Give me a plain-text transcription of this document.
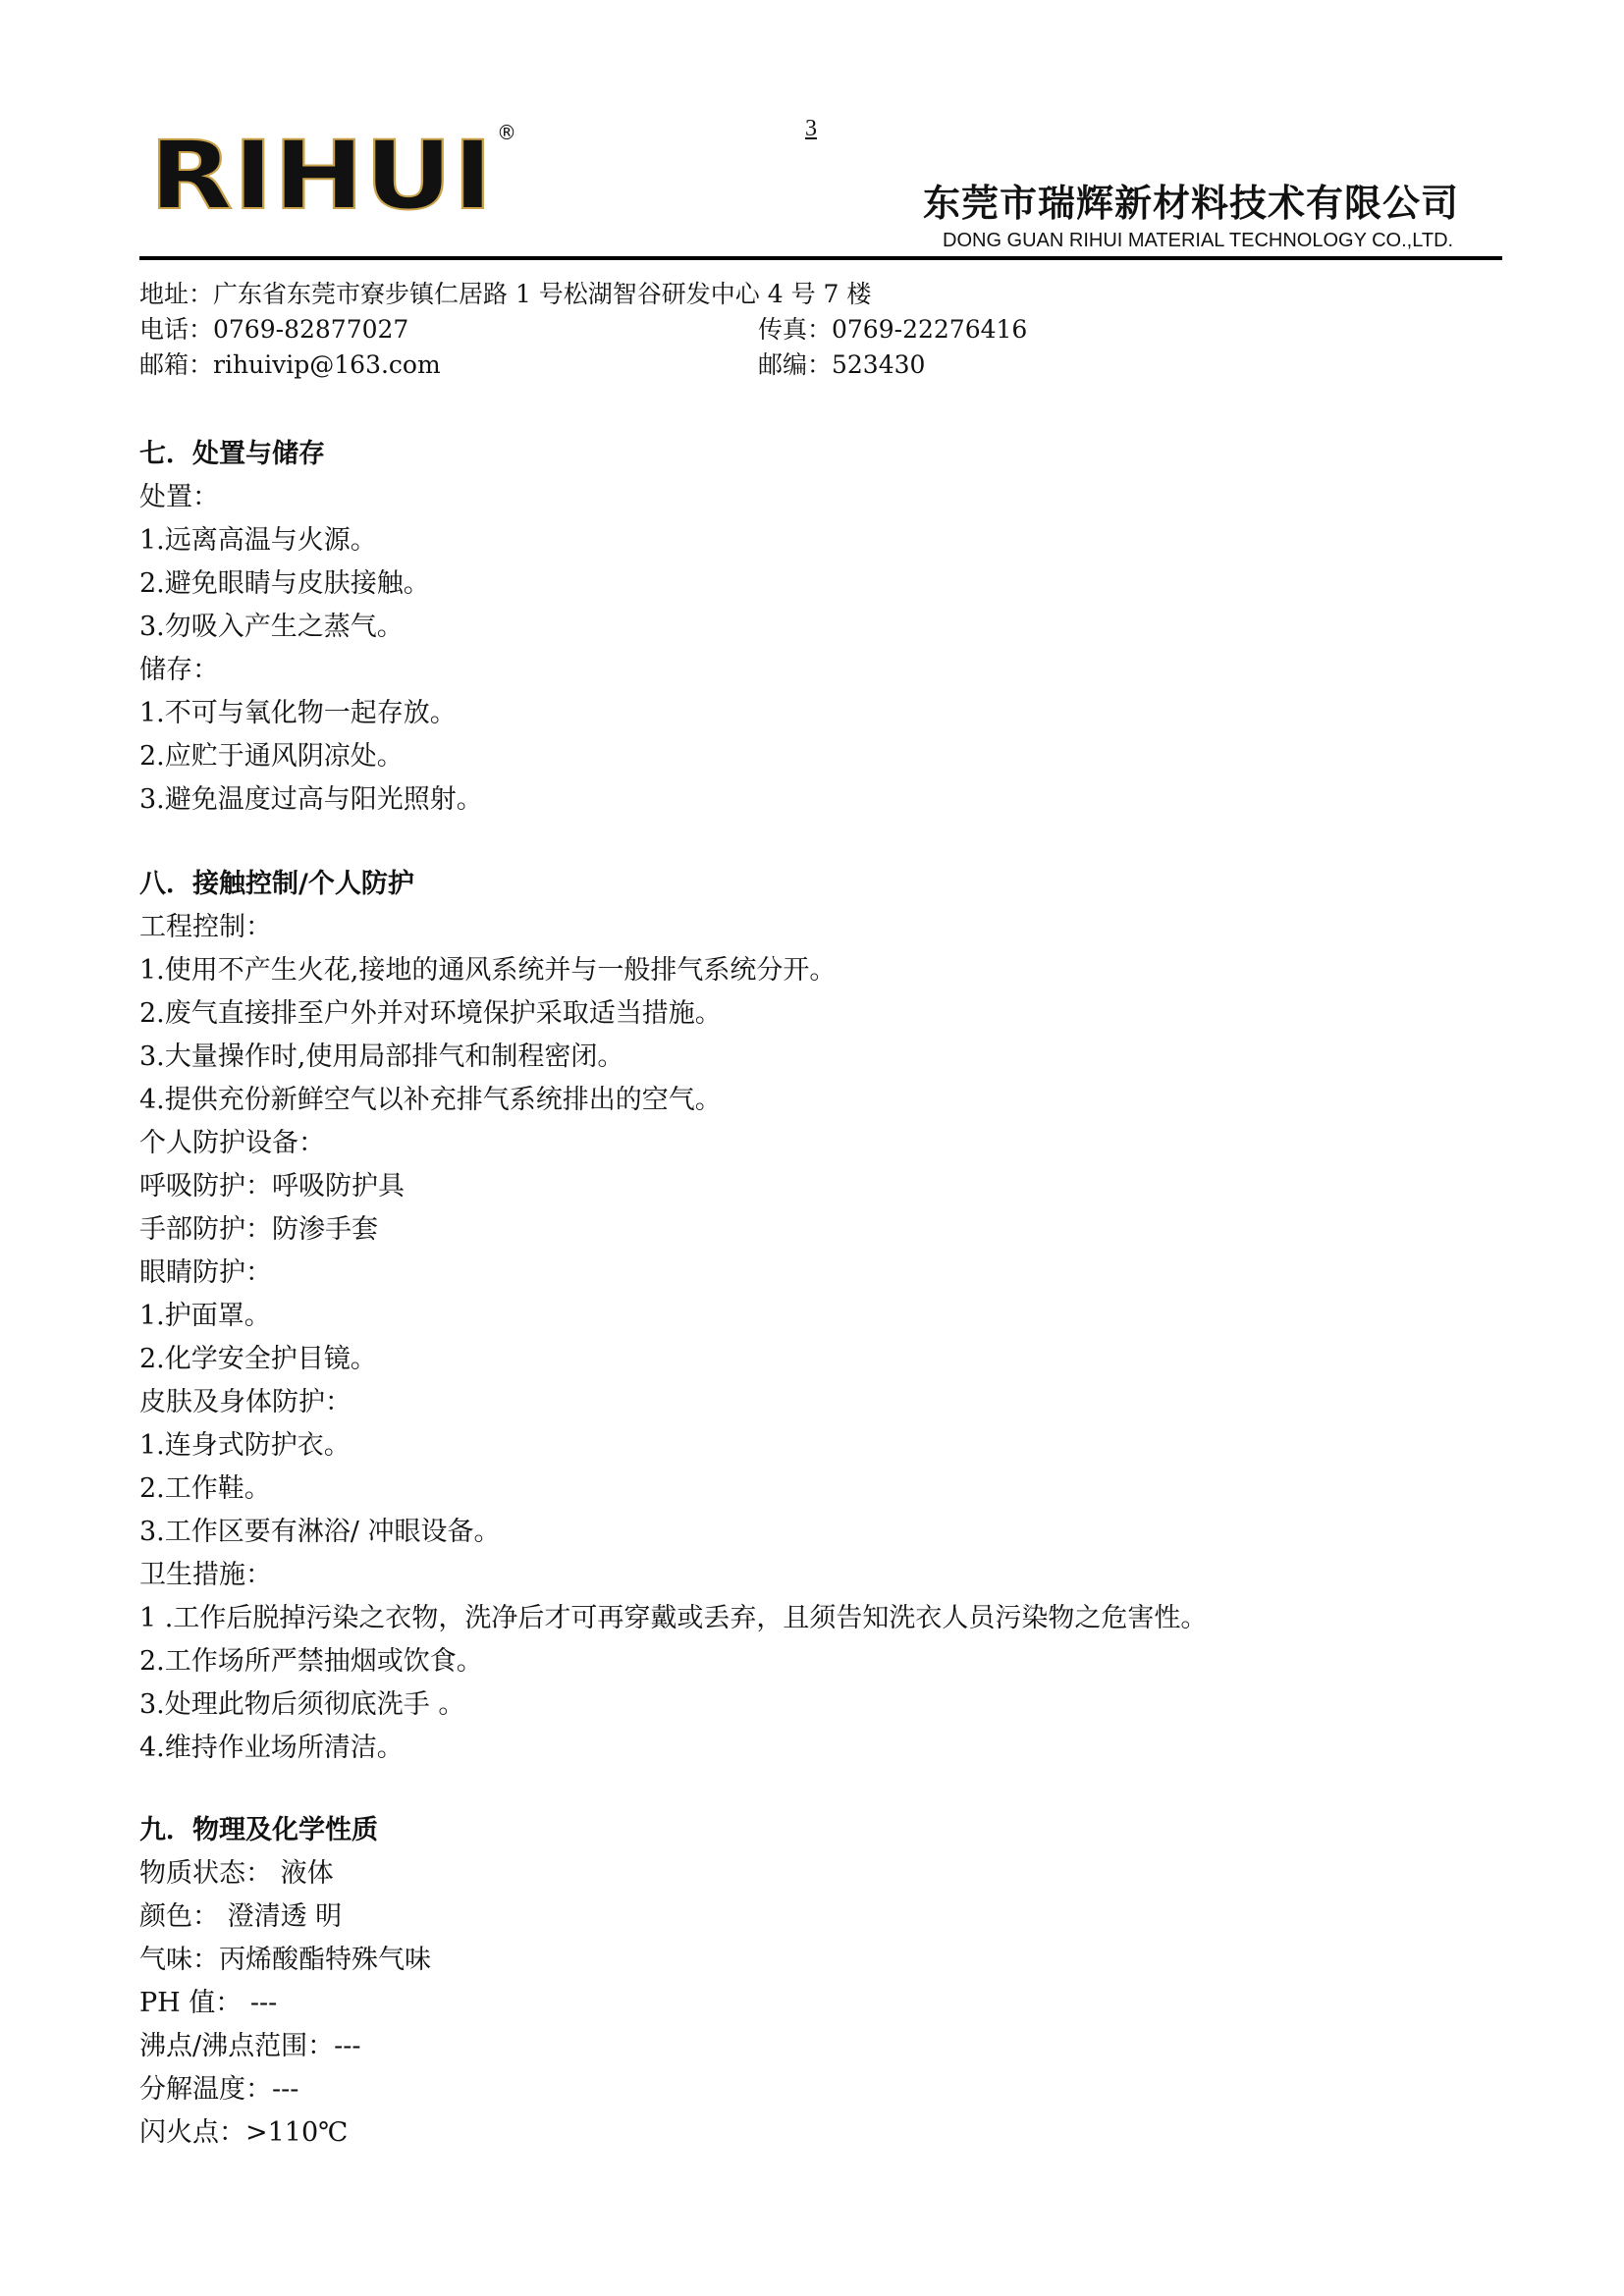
3
RIHUI ®
东莞市瑞辉新材料技术有限公司
DONG GUAN RIHUI MATERIAL TECHNOLOGY CO.,LTD.
地址：广东省东莞市寮步镇仁居路 1 号松湖智谷研发中心 4 号 7 楼
电话：0769-82877027	传真：0769-22276416
邮箱：rihuivip@163.com	邮编：523430
七．处置与储存
处置：
1.远离高温与火源。
2.避免眼睛与皮肤接触。
3.勿吸入产生之蒸气。
储存：
1.不可与氧化物一起存放。
2.应贮于通风阴凉处。
3.避免温度过高与阳光照射。
八．接触控制/个人防护
工程控制：
1.使用不产生火花,接地的通风系统并与一般排气系统分开。
2.废气直接排至户外并对环境保护采取适当措施。
3.大量操作时,使用局部排气和制程密闭。
4.提供充份新鲜空气以补充排气系统排出的空气。
个人防护设备：
呼吸防护：呼吸防护具
手部防护：防渗手套
眼睛防护：
1.护面罩。
2.化学安全护目镜。
皮肤及身体防护：
1.连身式防护衣。
2.工作鞋。
3.工作区要有淋浴/ 冲眼设备。
卫生措施：
1 .工作后脱掉污染之衣物，洗净后才可再穿戴或丢弃，且须告知洗衣人员污染物之危害性。
2.工作场所严禁抽烟或饮食。
3.处理此物后须彻底洗手 。
4.维持作业场所清洁。
九．物理及化学性质
物质状态： 液体
颜色： 澄清透 明
气味：丙烯酸酯特殊气味
PH 值： ---
沸点/沸点范围：---
分解温度：---
闪火点：>110℃
